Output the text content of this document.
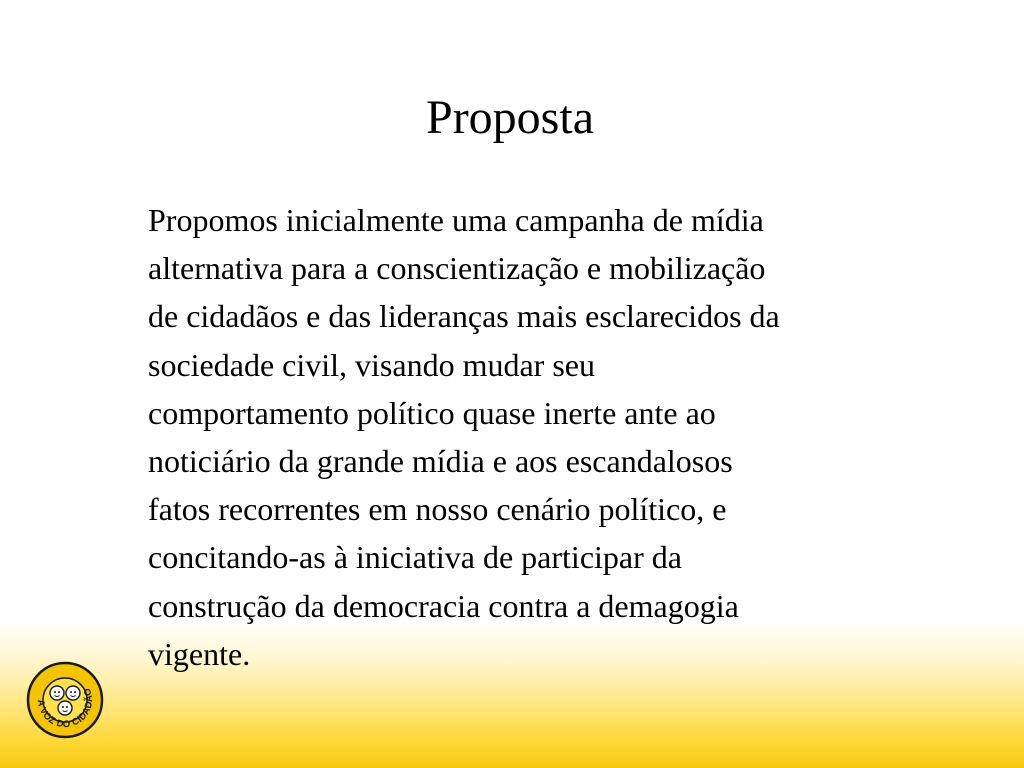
Proposta

Propomos inicialmente uma campanha de mídia
alternativa para a conscientização e mobilização
de cidadãos e das lideranças mais esclarecidos da
sociedade civil, visando mudar seu
comportamento político quase inerte ante ao
noticiário da grande mídia e aos escandalosos
fatos recorrentes em nosso cenário político, e
concitando-as à iniciativa de participar da
construção da democracia contra a demagogia
vigente.

A VOZ DO CIDADÃO
